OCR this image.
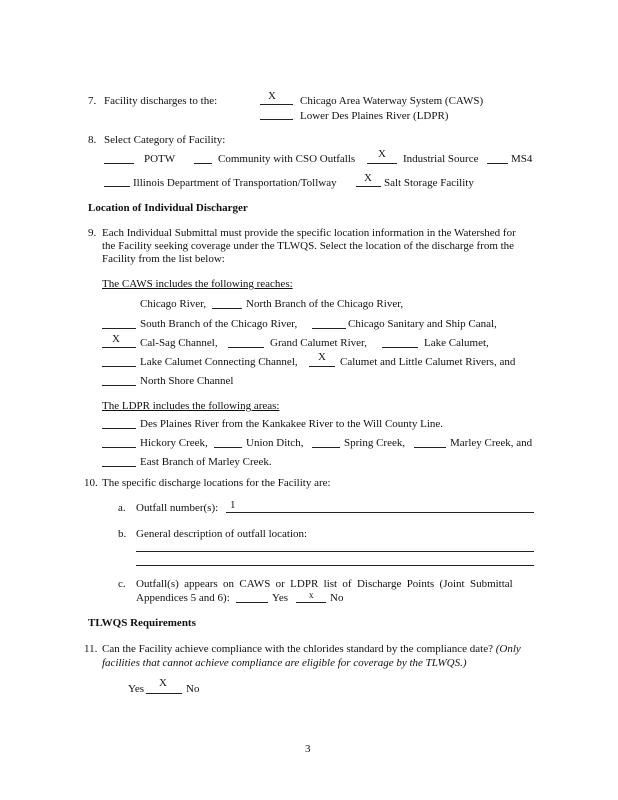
7. Facility discharges to the:	X Chicago Area Waterway System (CAWS)
Lower Des Plaines River (LDPR)
8. Select Category of Facility:
POTW	Community with CSO Outfalls X Industrial Source	MS4
Illinois Department of Transportation/Tollway X Salt Storage Facility
Location of Individual Discharger
9. Each Individual Submittal must provide the specific location information in the Watershed for
the Facility seeking coverage under the TLWQS. Select the location of the discharge from the
Facility from the list below:
The CAWS includes the following reaches:
Chicago River,	North Branch of the Chicago River,
South Branch of the Chicago River,	Chicago Sanitary and Ship Canal,
X Cal-Sag Channel,	Grand Calumet River,	Lake Calumet,
Lake Calumet Connecting Channel, X Calumet and Little Calumet Rivers, and
North Shore Channel
The LDPR includes the following areas:
Des Plaines River from the Kankakee River to the Will County Line.
Hickory Creek,	Union Ditch,	Spring Creek,	Marley Creek, and
East Branch of Marley Creek.
10. The specific discharge locations for the Facility are:
a. Outfall number(s): 1
b. General description of outfall location:
c. Outfall(s) appears on CAWS or LDPR list of Discharge Points (Joint Submittal
Appendices 5 and 6):	Yes x No
TLWQS Requirements
11. Can the Facility achieve compliance with the chlorides standard by the compliance date? (Only
facilities that cannot achieve compliance are eligible for coverage by the TLWQS.)
Yes X No
3
